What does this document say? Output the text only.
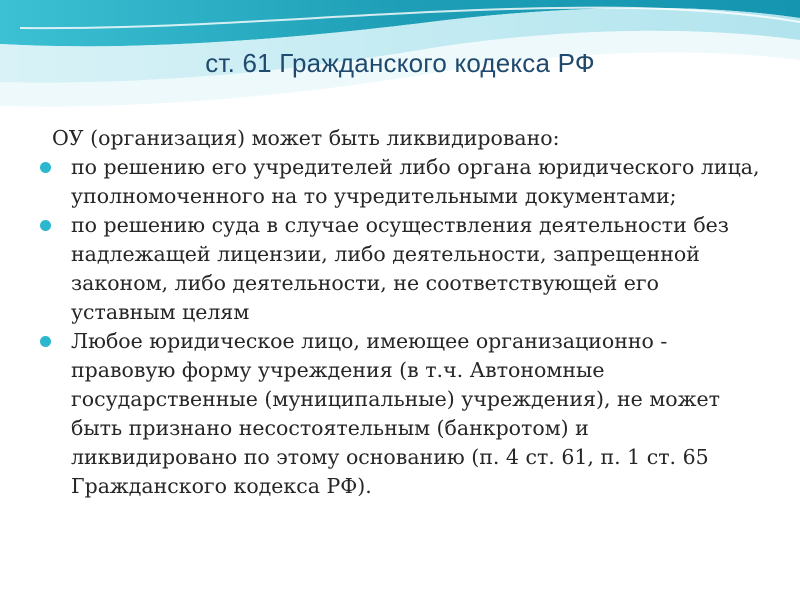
ст. 61 Гражданского кодекса РФ

ОУ (организация) может быть ликвидировано:

по решению его учредителей либо органа юридического лица, уполномоченного на то учредительными документами;
по решению суда в случае осуществления деятельности без надлежащей лицензии, либо деятельности, запрещенной законом, либо деятельности, не соответствующей его уставным целям
Любое юридическое лицо, имеющее организационно - правовую форму учреждения (в т.ч. Автономные государственные (муниципальные) учреждения), не может быть признано несостоятельным (банкротом) и ликвидировано по этому основанию (п. 4 ст. 61, п. 1 ст. 65 Гражданского кодекса РФ).
